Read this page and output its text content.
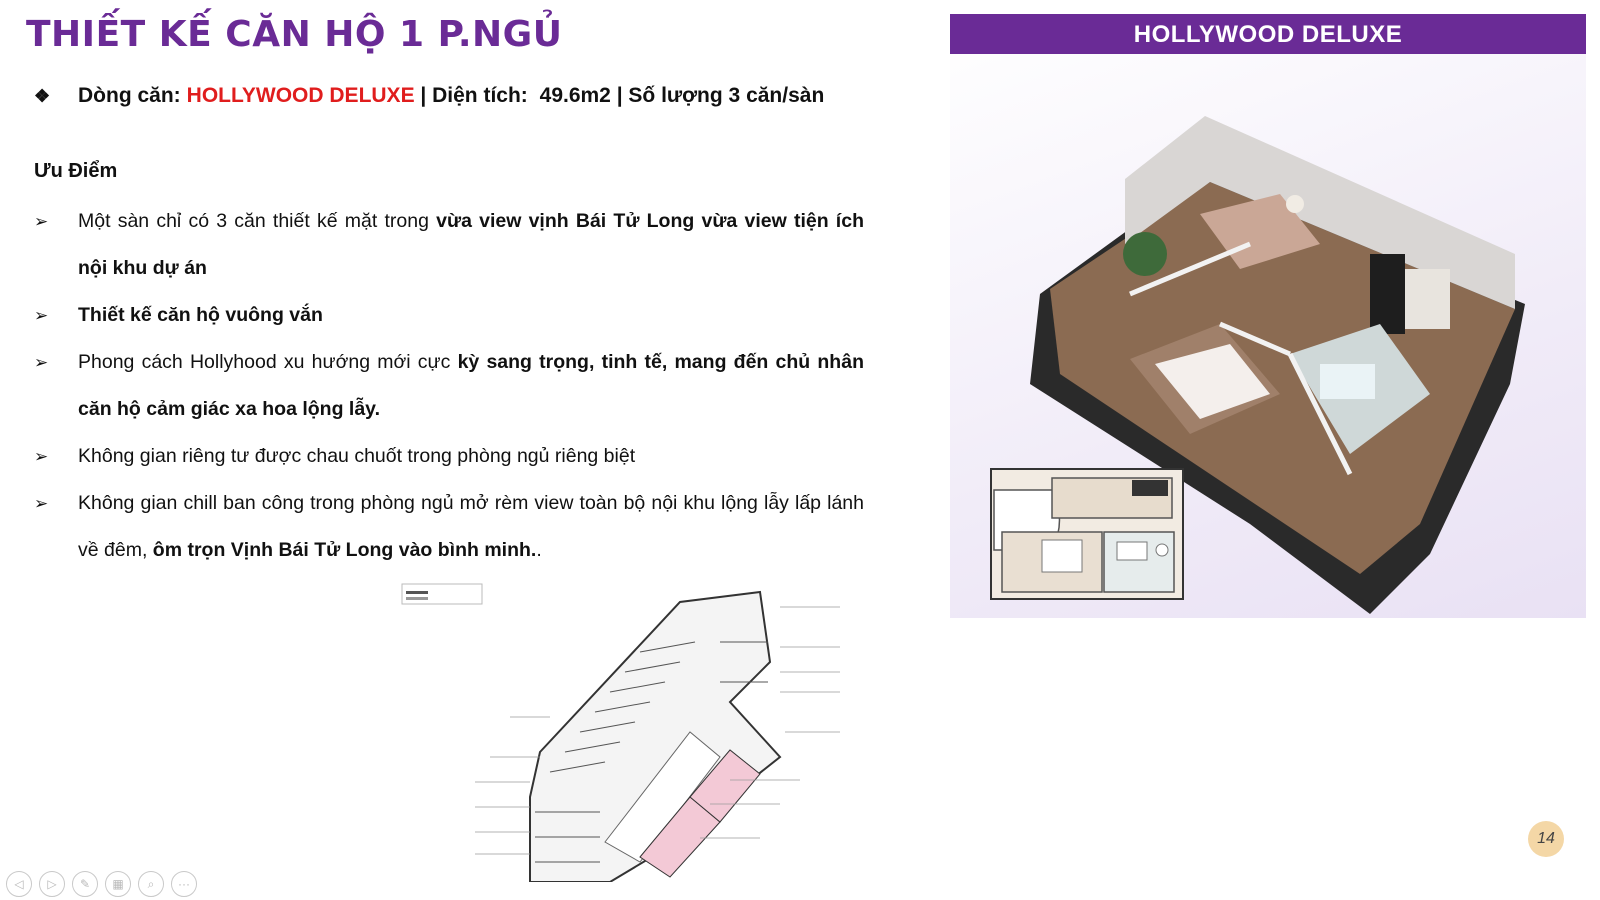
THIẾT KẾ CĂN HỘ 1 P.NGỦ
❖	Dòng căn: HOLLYWOOD DELUXE | Diện tích: 49.6m2 | Số lượng 3 căn/sàn
Ưu Điểm
➢	Một sàn chỉ có 3 căn thiết kế mặt trong vừa view vịnh Bái Tử Long vừa view tiện ích nội khu dự án
➢	Thiết kế căn hộ vuông vắn
➢	Phong cách Hollyhood xu hướng mới cực kỳ sang trọng, tinh tế, mang đến chủ nhân căn hộ cảm giác xa hoa lộng lẫy.
➢	Không gian riêng tư được chau chuốt trong phòng ngủ riêng biệt
➢	Không gian chill ban công trong phòng ngủ mở rèm view toàn bộ nội khu lộng lẫy lấp lánh về đêm, ôm trọn Vịnh Bái Tử Long vào bình minh..
HOLLYWOOD DELUXE
14
◁	▷	✎	▦	⌕	···
